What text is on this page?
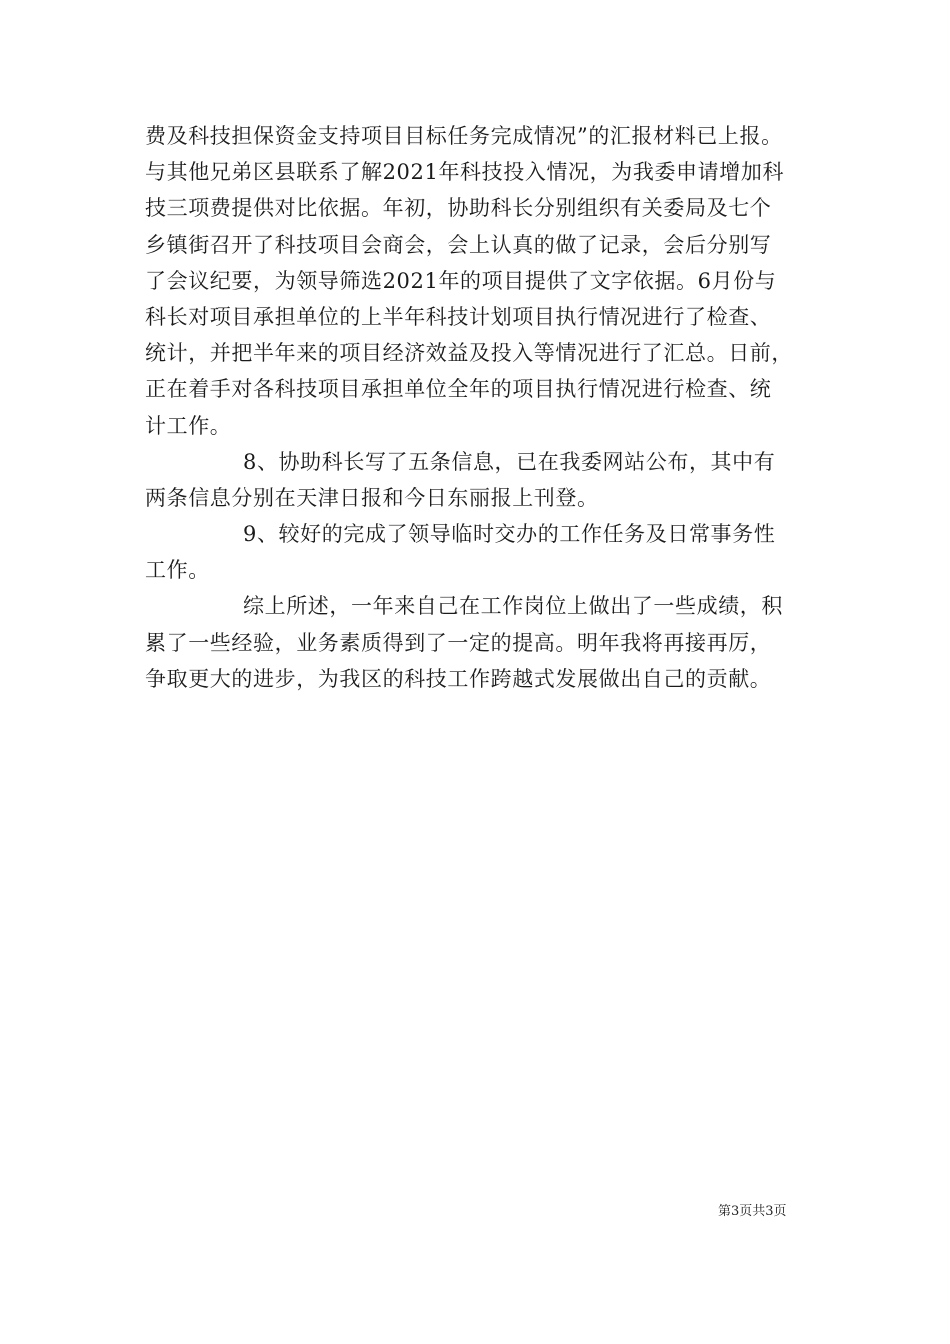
费及科技担保资金支持项目目标任务完成情况”的汇报材料已上报。
与其他兄弟区县联系了解2021年科技投入情况，为我委申请增加科
技三项费提供对比依据。年初，协助科长分别组织有关委局及七个
乡镇街召开了科技项目会商会，会上认真的做了记录，会后分别写
了会议纪要，为领导筛选2021年的项目提供了文字依据。6月份与
科长对项目承担单位的上半年科技计划项目执行情况进行了检查、
统计，并把半年来的项目经济效益及投入等情况进行了汇总。日前，
正在着手对各科技项目承担单位全年的项目执行情况进行检查、统
计工作。
8、协助科长写了五条信息，已在我委网站公布，其中有
两条信息分别在天津日报和今日东丽报上刊登。
9、较好的完成了领导临时交办的工作任务及日常事务性
工作。
综上所述，一年来自己在工作岗位上做出了一些成绩，积
累了一些经验，业务素质得到了一定的提高。明年我将再接再厉，
争取更大的进步，为我区的科技工作跨越式发展做出自己的贡献。
第3页共3页
